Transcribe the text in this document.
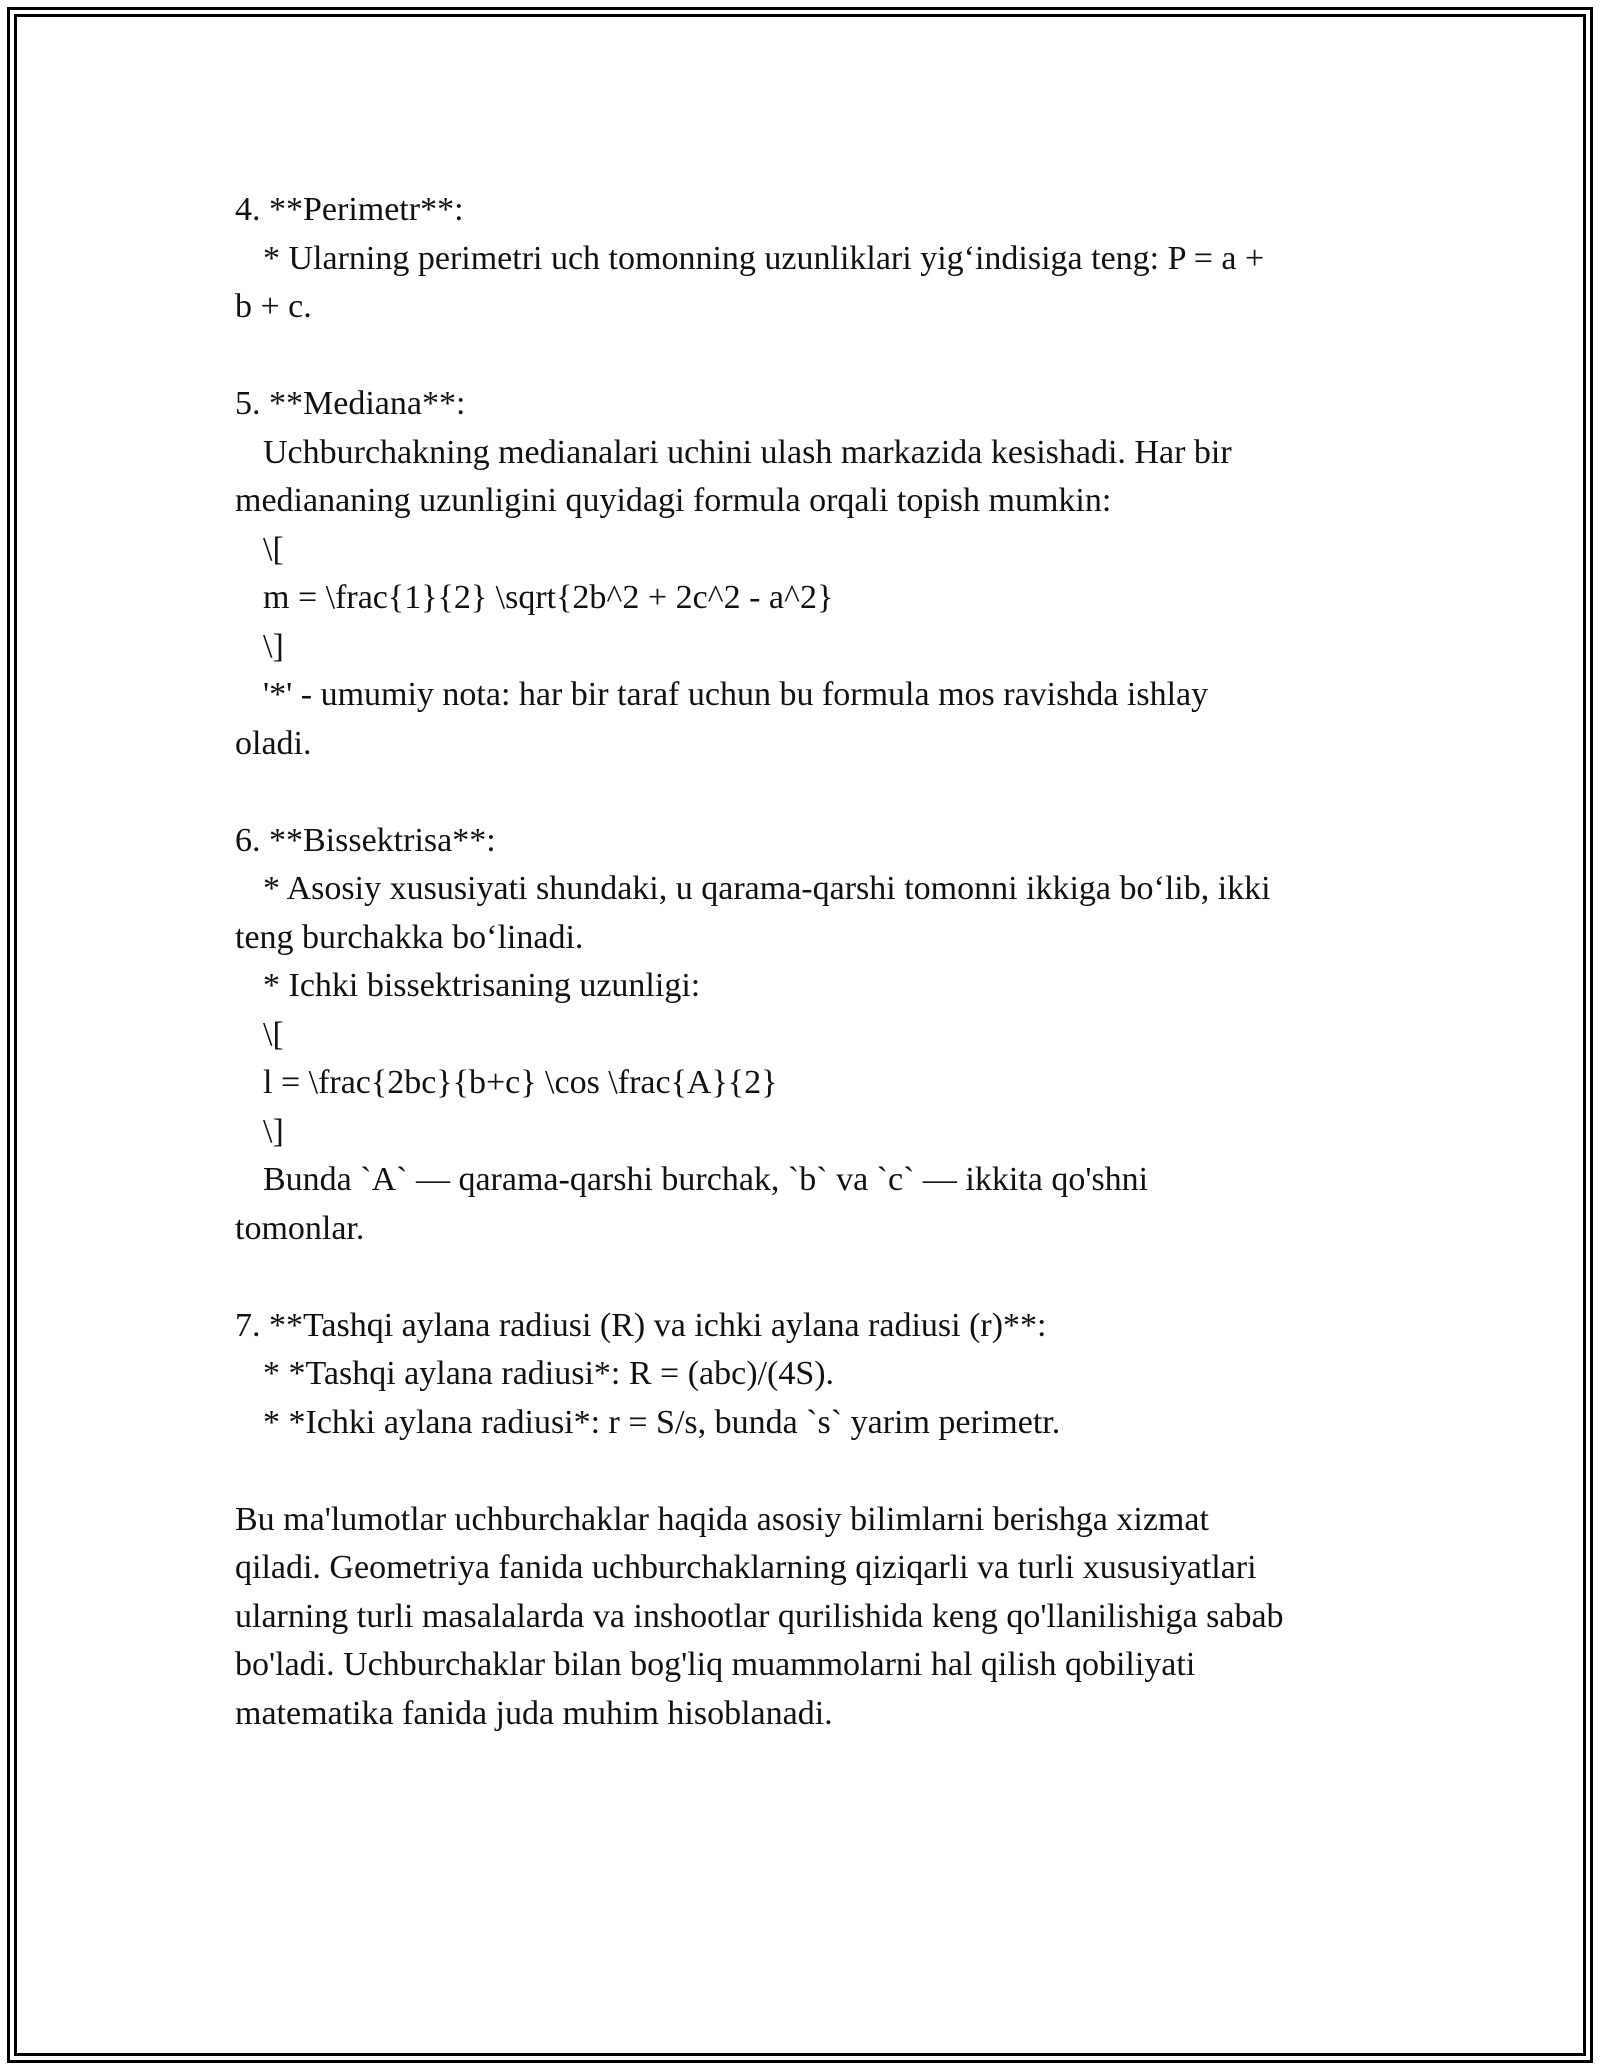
4. **Perimetr**:
* Ularning perimetri uch tomonning uzunliklari yig‘indisiga teng: P = a +
b + c.
5. **Mediana**:
Uchburchakning medianalari uchini ulash markazida kesishadi. Har bir
mediananing uzunligini quyidagi formula orqali topish mumkin:
\[
m = \frac{1}{2} \sqrt{2b^2 + 2c^2 - a^2}
\]
'*' - umumiy nota: har bir taraf uchun bu formula mos ravishda ishlay
oladi.
6. **Bissektrisa**:
* Asosiy xususiyati shundaki, u qarama-qarshi tomonni ikkiga bo‘lib, ikki
teng burchakka bo‘linadi.
* Ichki bissektrisaning uzunligi:
\[
l = \frac{2bc}{b+c} \cos \frac{A}{2}
\]
Bunda `A` — qarama-qarshi burchak, `b` va `c` — ikkita qo'shni
tomonlar.
7. **Tashqi aylana radiusi (R) va ichki aylana radiusi (r)**:
* *Tashqi aylana radiusi*: R = (abc)/(4S).
* *Ichki aylana radiusi*: r = S/s, bunda `s` yarim perimetr.
Bu ma'lumotlar uchburchaklar haqida asosiy bilimlarni berishga xizmat
qiladi. Geometriya fanida uchburchaklarning qiziqarli va turli xususiyatlari
ularning turli masalalarda va inshootlar qurilishida keng qo'llanilishiga sabab
bo'ladi. Uchburchaklar bilan bog'liq muammolarni hal qilish qobiliyati
matematika fanida juda muhim hisoblanadi.
